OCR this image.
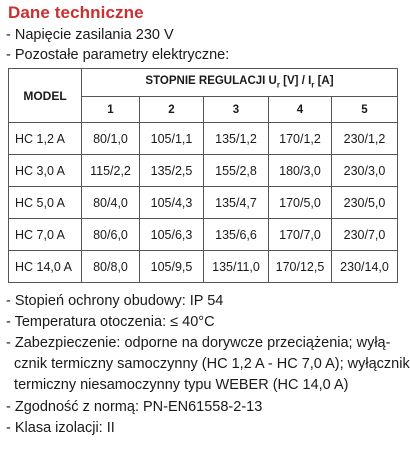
Dane techniczne
- Napięcie zasilania 230 V
- Pozostałe parametry elektryczne:
MODEL	STOPNIE REGULACJI $U_r$ $[V] / I_r$ [A]				
	1	2	3	4	5
HC 1,2 A	80/1,0	105/1,1	135/1,2	170/1,2	230/1,2
HC 3,0 A	115/2,2	135/2,5	155/2,8	180/3,0	230/3,0
HC 5,0 A	80/4,0	105/4,3	135/4,7	170/5,0	230/5,0
HC 7,0 A	80/6,0	105/6,3	135/6,6	170/7,0	230/7,0
HC 14,0 A	80/8,0	105/9,5	135/11,0	170/12,5	230/14,0
- Stopień ochrony obudowy: IP 54
- Temperatura otoczenia: ≤ 40°C
- Zabezpieczenie: odporne na dorywcze przeciążenia; wyłą-
cznik termiczny samoczynny (HC 1,2 A - HC 7,0 A); wyłącznik
termiczny niesamoczynny typu WEBER (HC 14,0 A)
- Zgodność z normą: PN-EN61558-2-13
- Klasa izolacji: II
